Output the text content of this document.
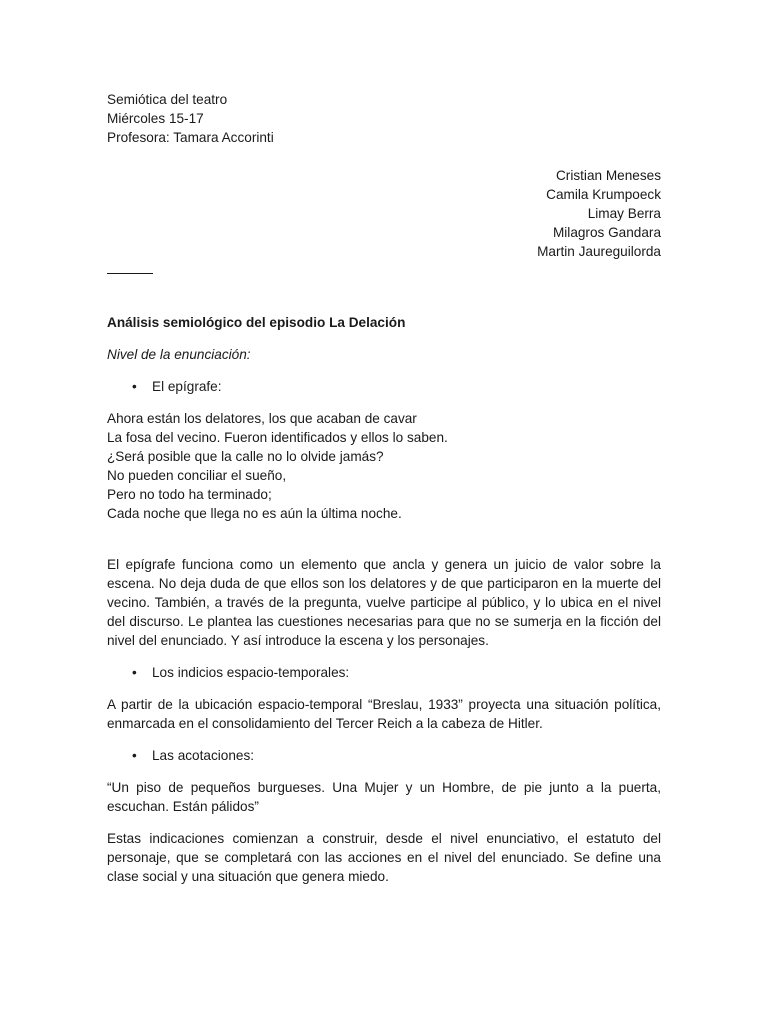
Semiótica del teatro

Miércoles 15-17

Profesora: Tamara Accorinti

Cristian Meneses

Camila Krumpoeck

Limay Berra

Milagros Gandara

Martin Jaureguilorda

Análisis semiológico del episodio La Delación

Nivel de la enunciación:

• El epígrafe:

Ahora están los delatores, los que acaban de cavar

La fosa del vecino. Fueron identificados y ellos lo saben.

¿Será posible que la calle no lo olvide jamás?

No pueden conciliar el sueño,

Pero no todo ha terminado;

Cada noche que llega no es aún la última noche.

El epígrafe funciona como un elemento que ancla y genera un juicio de valor sobre la escena. No deja duda de que ellos son los delatores y de que participaron en la muerte del vecino. También, a través de la pregunta, vuelve participe al público, y lo ubica en el nivel del discurso. Le plantea las cuestiones necesarias para que no se sumerja en la ficción del nivel del enunciado. Y así introduce la escena y los personajes.

• Los indicios espacio-temporales:

A partir de la ubicación espacio-temporal “Breslau, 1933” proyecta una situación política, enmarcada en el consolidamiento del Tercer Reich a la cabeza de Hitler.

• Las acotaciones:

“Un piso de pequeños burgueses. Una Mujer y un Hombre, de pie junto a la puerta, escuchan. Están pálidos”

Estas indicaciones comienzan a construir, desde el nivel enunciativo, el estatuto del personaje, que se completará con las acciones en el nivel del enunciado. Se define una clase social y una situación que genera miedo.
